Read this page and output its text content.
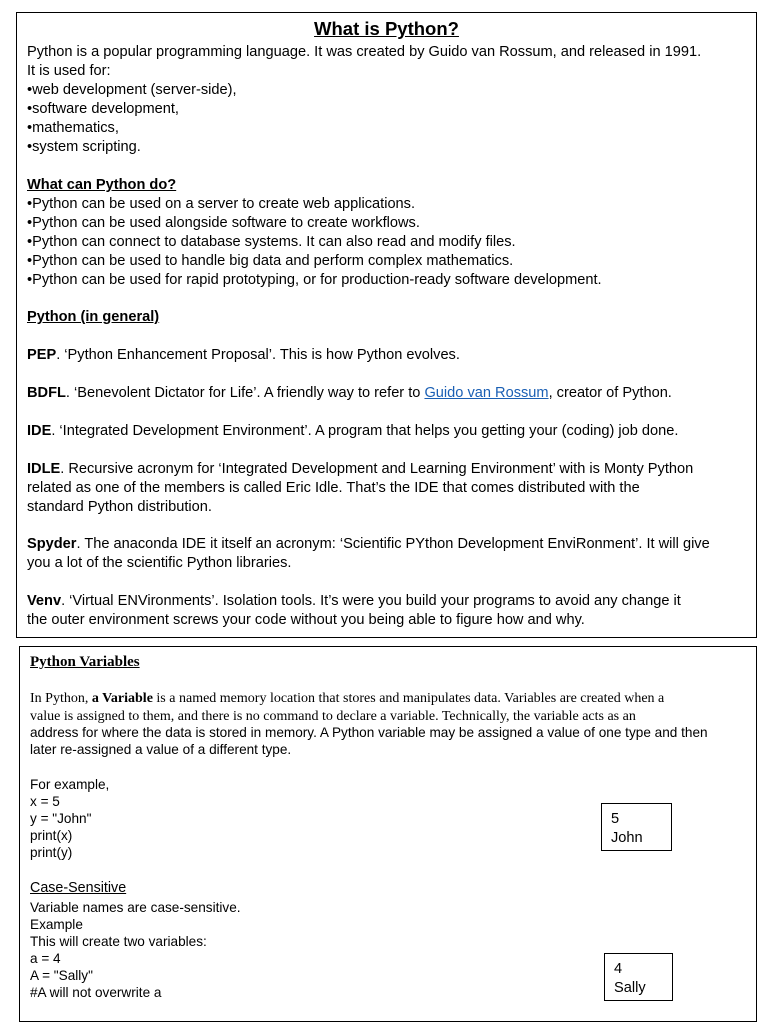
What is Python?
Python is a popular programming language. It was created by Guido van Rossum, and released in 1991.
It is used for:
•web development (server-side),
•software development,
•mathematics,
•system scripting.
What can Python do?
•Python can be used on a server to create web applications.
•Python can be used alongside software to create workflows.
•Python can connect to database systems. It can also read and modify files.
•Python can be used to handle big data and perform complex mathematics.
•Python can be used for rapid prototyping, or for production-ready software development.
Python (in general)
PEP. ‘Python Enhancement Proposal’. This is how Python evolves.
BDFL. ‘Benevolent Dictator for Life’. A friendly way to refer to Guido van Rossum, creator of Python.
IDE. ‘Integrated Development Environment’. A program that helps you getting your (coding) job done.
IDLE. Recursive acronym for ‘Integrated Development and Learning Environment’ with is Monty Python
related as one of the members is called Eric Idle. That’s the IDE that comes distributed with the
standard Python distribution.
Spyder. The anaconda IDE it itself an acronym: ‘Scientific PYthon Development EnviRonment’. It will give
you a lot of the scientific Python libraries.
Venv. ‘Virtual ENVironments’. Isolation tools. It’s were you build your programs to avoid any change it
the outer environment screws your code without you being able to figure how and why.
Python Variables
In Python, a Variable is a named memory location that stores and manipulates data. Variables are created when a
value is assigned to them, and there is no command to declare a variable. Technically, the variable acts as an
address for where the data is stored in memory. A Python variable may be assigned a value of one type and then
later re-assigned a value of a different type.
For example,
x = 5
y = "John"
print(x)
print(y)
5
John
Case-Sensitive
Variable names are case-sensitive.
Example
This will create two variables:
a = 4
A = "Sally"
#A will not overwrite a
4
Sally
